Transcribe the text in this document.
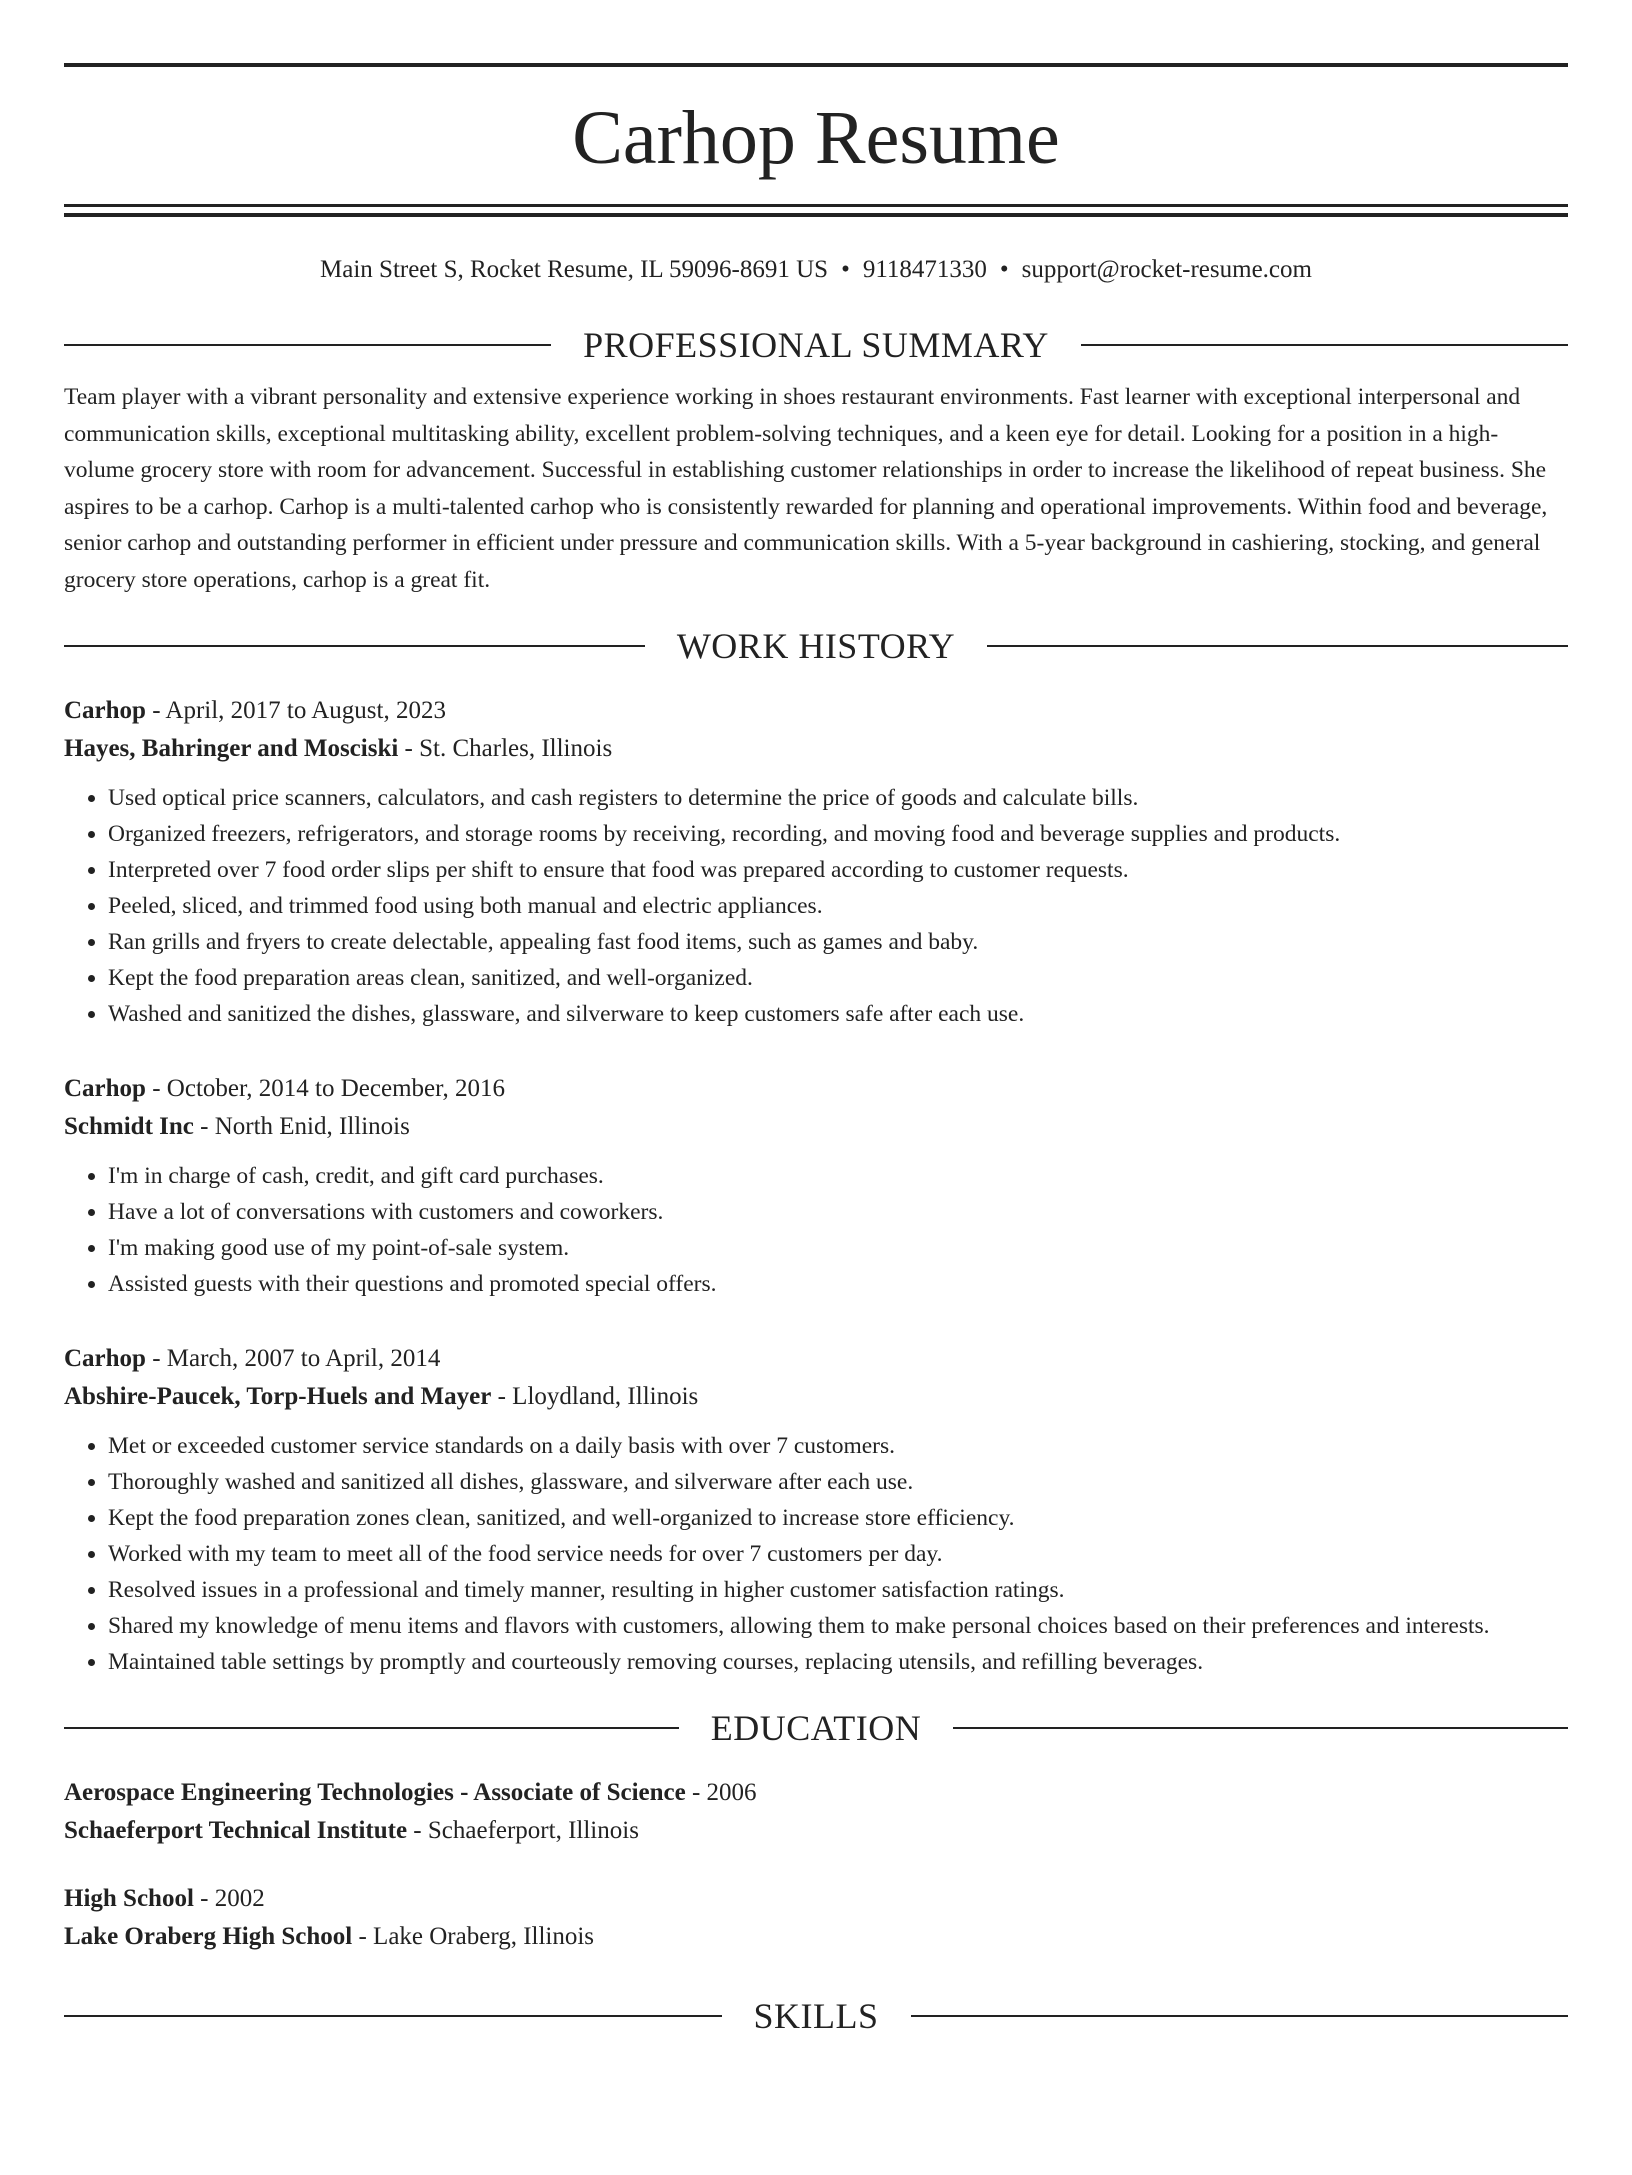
Carhop Resume
Main Street S, Rocket Resume, IL 59096-8691 US • 9118471330 • support@rocket-resume.com
PROFESSIONAL SUMMARY
Team player with a vibrant personality and extensive experience working in shoes restaurant environments. Fast learner with exceptional interpersonal and communication skills, exceptional multitasking ability, excellent problem-solving techniques, and a keen eye for detail. Looking for a position in a high-volume grocery store with room for advancement. Successful in establishing customer relationships in order to increase the likelihood of repeat business. She aspires to be a carhop. Carhop is a multi-talented carhop who is consistently rewarded for planning and operational improvements. Within food and beverage, senior carhop and outstanding performer in efficient under pressure and communication skills. With a 5-year background in cashiering, stocking, and general grocery store operations, carhop is a great fit.
WORK HISTORY
Carhop - April, 2017 to August, 2023
Hayes, Bahringer and Mosciski - St. Charles, Illinois
• Used optical price scanners, calculators, and cash registers to determine the price of goods and calculate bills.
• Organized freezers, refrigerators, and storage rooms by receiving, recording, and moving food and beverage supplies and products.
• Interpreted over 7 food order slips per shift to ensure that food was prepared according to customer requests.
• Peeled, sliced, and trimmed food using both manual and electric appliances.
• Ran grills and fryers to create delectable, appealing fast food items, such as games and baby.
• Kept the food preparation areas clean, sanitized, and well-organized.
• Washed and sanitized the dishes, glassware, and silverware to keep customers safe after each use.
Carhop - October, 2014 to December, 2016
Schmidt Inc - North Enid, Illinois
• I'm in charge of cash, credit, and gift card purchases.
• Have a lot of conversations with customers and coworkers.
• I'm making good use of my point-of-sale system.
• Assisted guests with their questions and promoted special offers.
Carhop - March, 2007 to April, 2014
Abshire-Paucek, Torp-Huels and Mayer - Lloydland, Illinois
• Met or exceeded customer service standards on a daily basis with over 7 customers.
• Thoroughly washed and sanitized all dishes, glassware, and silverware after each use.
• Kept the food preparation zones clean, sanitized, and well-organized to increase store efficiency.
• Worked with my team to meet all of the food service needs for over 7 customers per day.
• Resolved issues in a professional and timely manner, resulting in higher customer satisfaction ratings.
• Shared my knowledge of menu items and flavors with customers, allowing them to make personal choices based on their preferences and interests.
• Maintained table settings by promptly and courteously removing courses, replacing utensils, and refilling beverages.
EDUCATION
Aerospace Engineering Technologies - Associate of Science - 2006
Schaeferport Technical Institute - Schaeferport, Illinois
High School - 2002
Lake Oraberg High School - Lake Oraberg, Illinois
SKILLS
